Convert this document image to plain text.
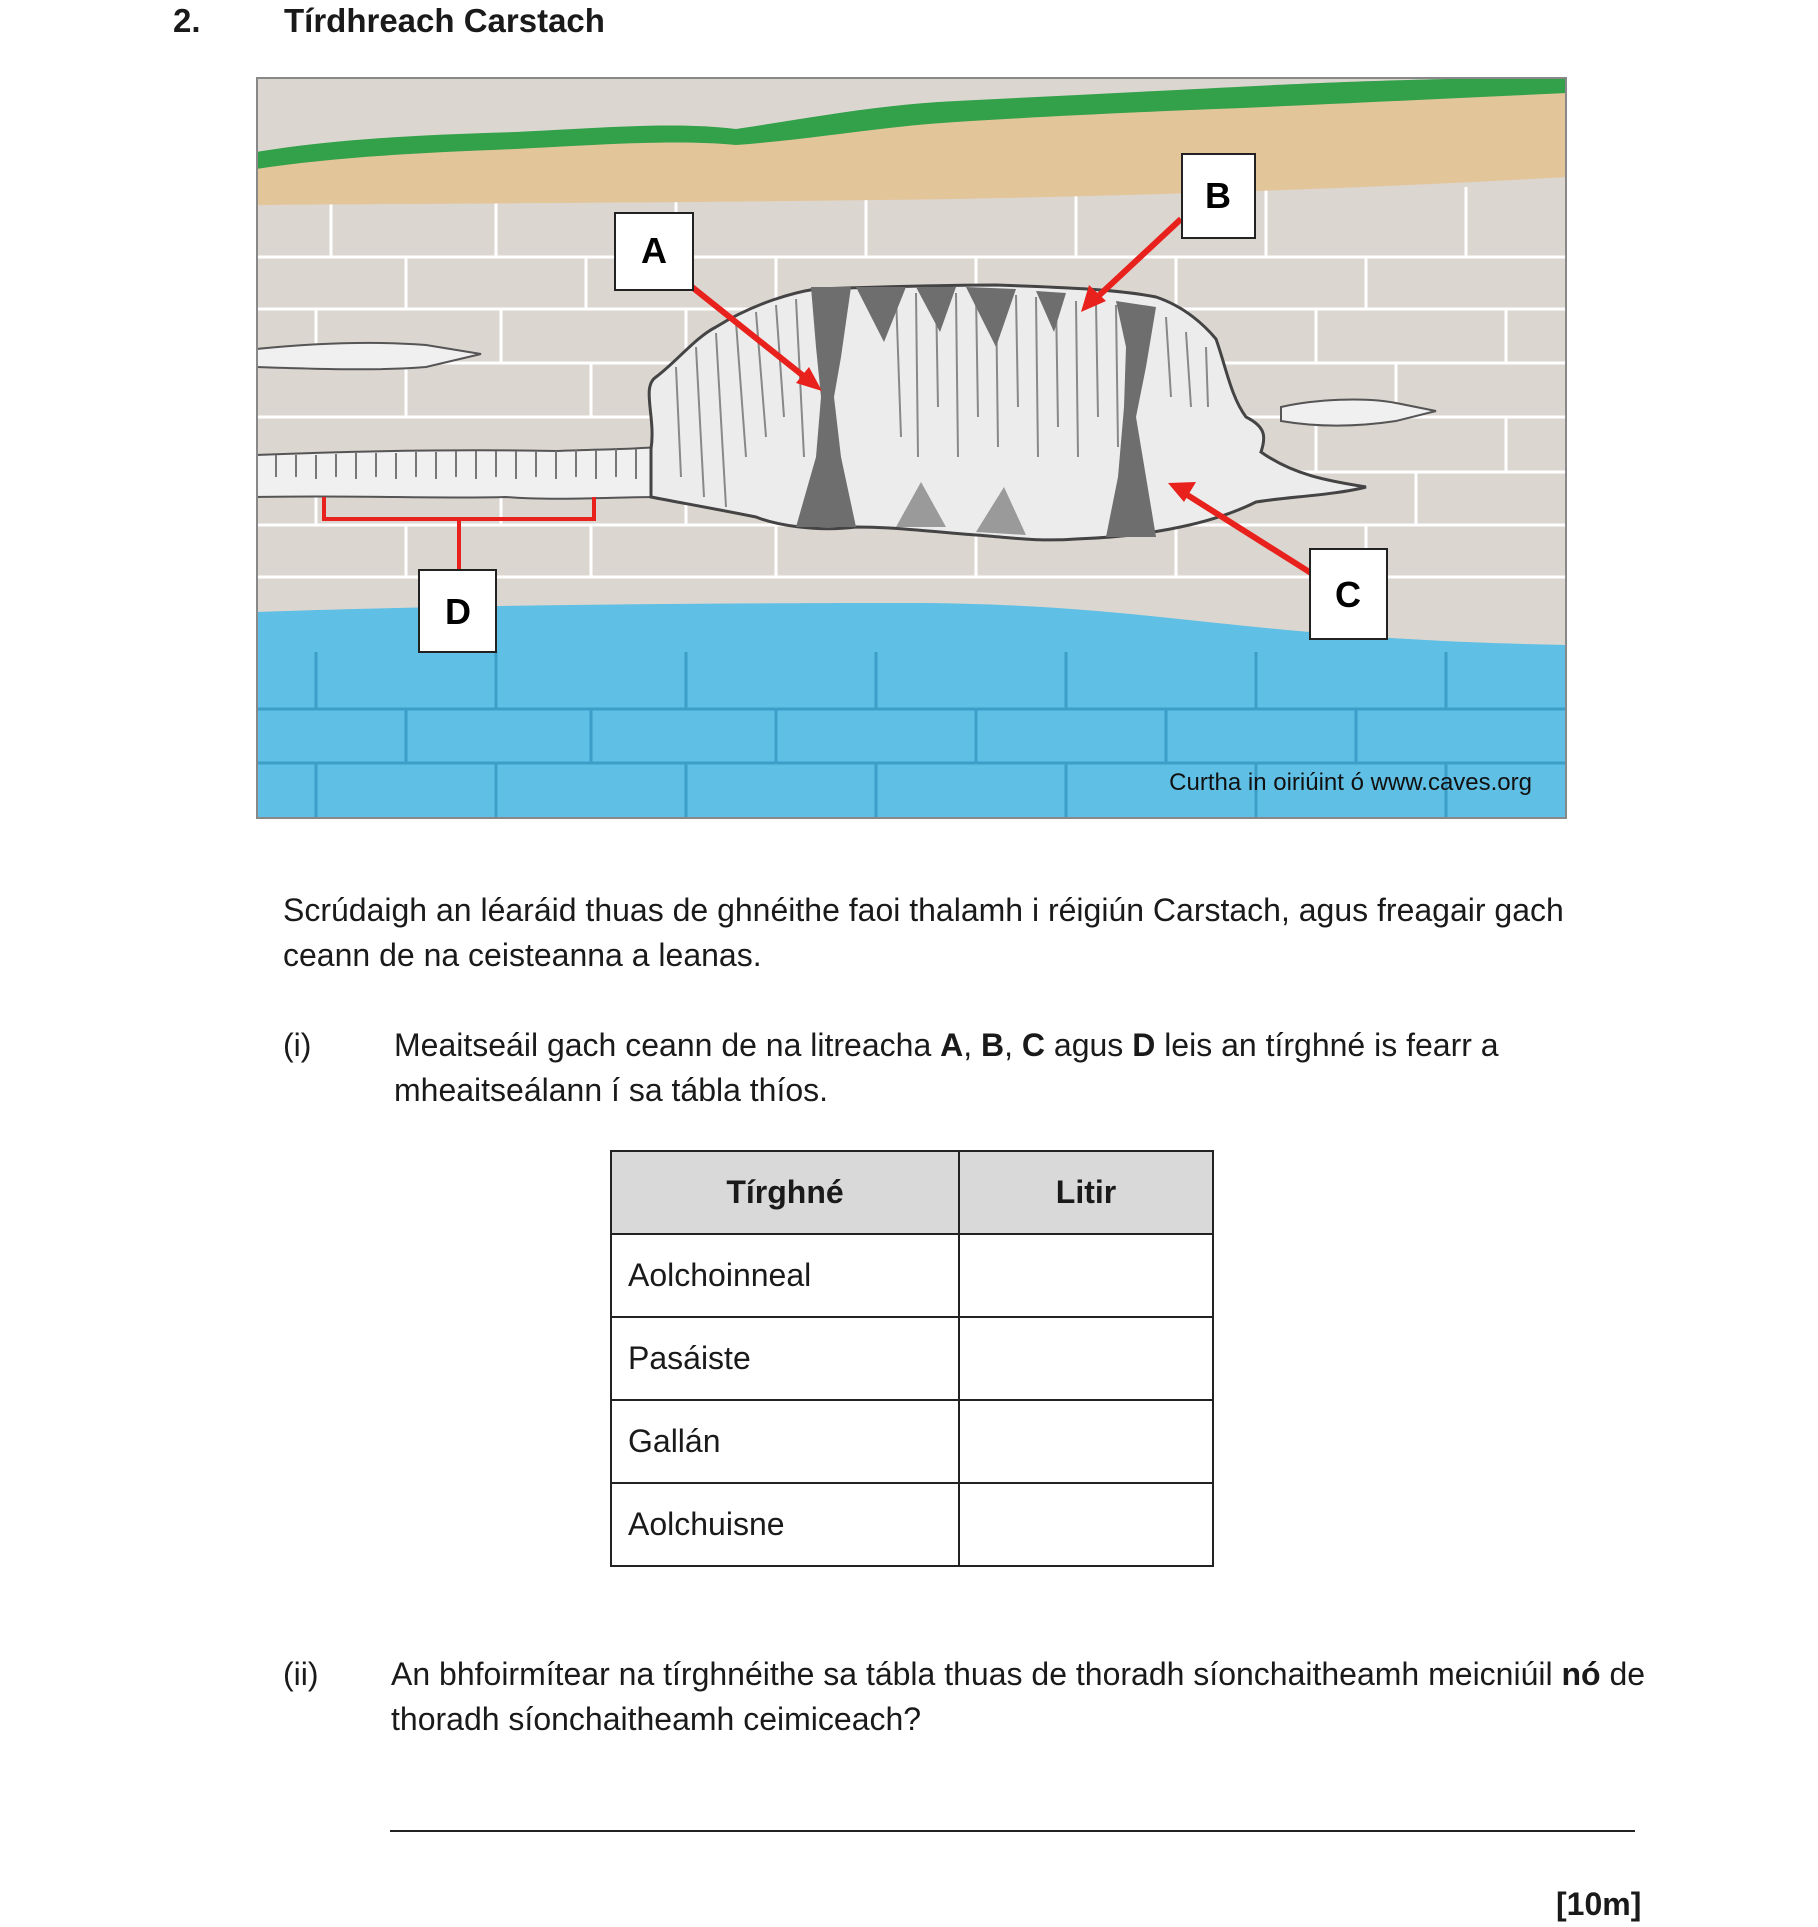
2.	Tírdhreach Carstach
A
B
C
D
Curtha in oiriúint ó www.caves.org
Scrúdaigh an léaráid thuas de ghnéithe faoi thalamh i réigiún Carstach, agus freagair gach ceann de na ceisteanna a leanas.
(i)	Meaitseáil gach ceann de na litreacha A, B, C agus D leis an tírghné is fearr a mheaitseálann í sa tábla thíos.
Tírghné	Litir
Aolchoinneal	
Pasáiste	
Gallán	
Aolchuisne	
(ii) An bhfoirmítear na tírghnéithe sa tábla thuas de thoradh síonchaitheamh meicniúil nó de thoradh síonchaitheamh ceimiceach?
[10m]
